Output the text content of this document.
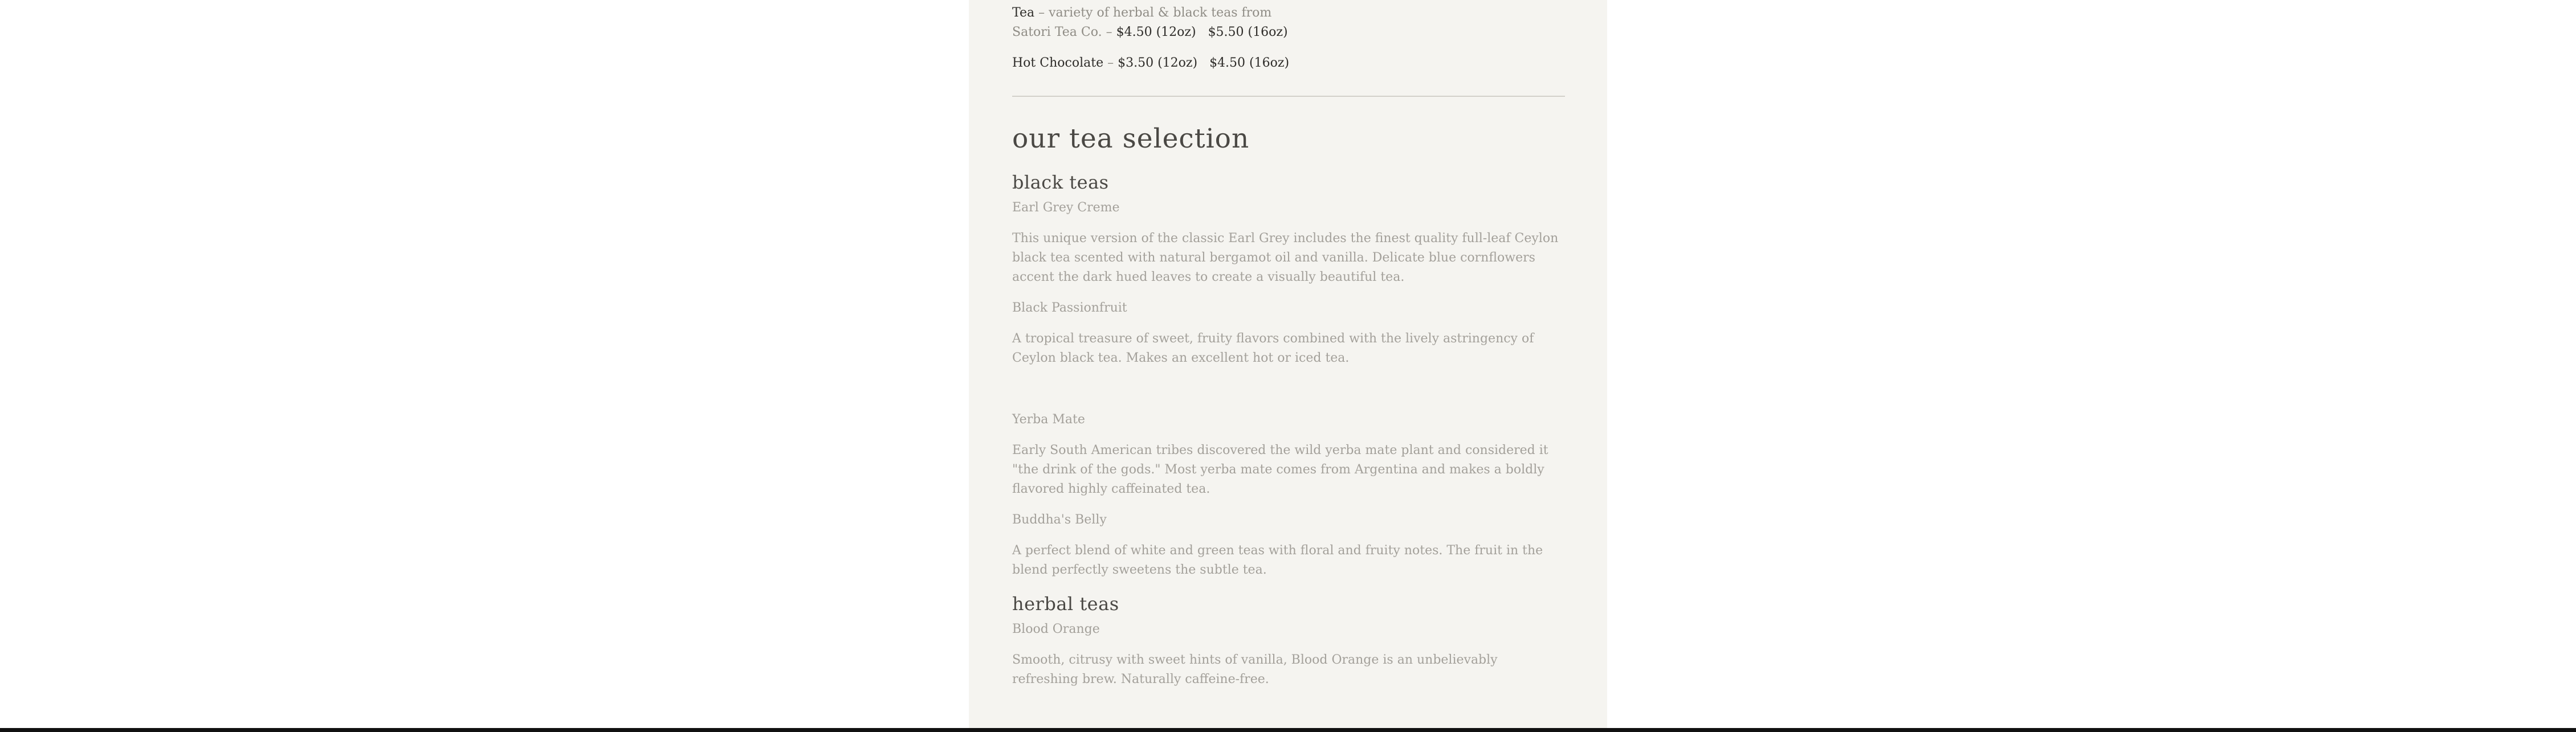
Tea – variety of herbal & black teas from
Satori Tea Co. – $4.50 (12oz) $5.50 (16oz)

Hot Chocolate – $3.50 (12oz) $4.50 (16oz)

our tea selection
black teas

Earl Grey Creme

This unique version of the classic Earl Grey includes the finest quality full-leaf Ceylon black tea scented with natural bergamot oil and vanilla. Delicate blue cornflowers accent the dark hued leaves to create a visually beautiful tea.

Black Passionfruit

A tropical treasure of sweet, fruity flavors combined with the lively astringency of Ceylon black tea. Makes an excellent hot or iced tea.

Yerba Mate

Early South American tribes discovered the wild yerba mate plant and considered it "the drink of the gods." Most yerba mate comes from Argentina and makes a boldly flavored highly caffeinated tea.

Buddha's Belly

A perfect blend of white and green teas with floral and fruity notes. The fruit in the blend perfectly sweetens the subtle tea.

herbal teas

Blood Orange

Smooth, citrusy with sweet hints of vanilla, Blood Orange is an unbelievably refreshing brew. Naturally caffeine-free.
